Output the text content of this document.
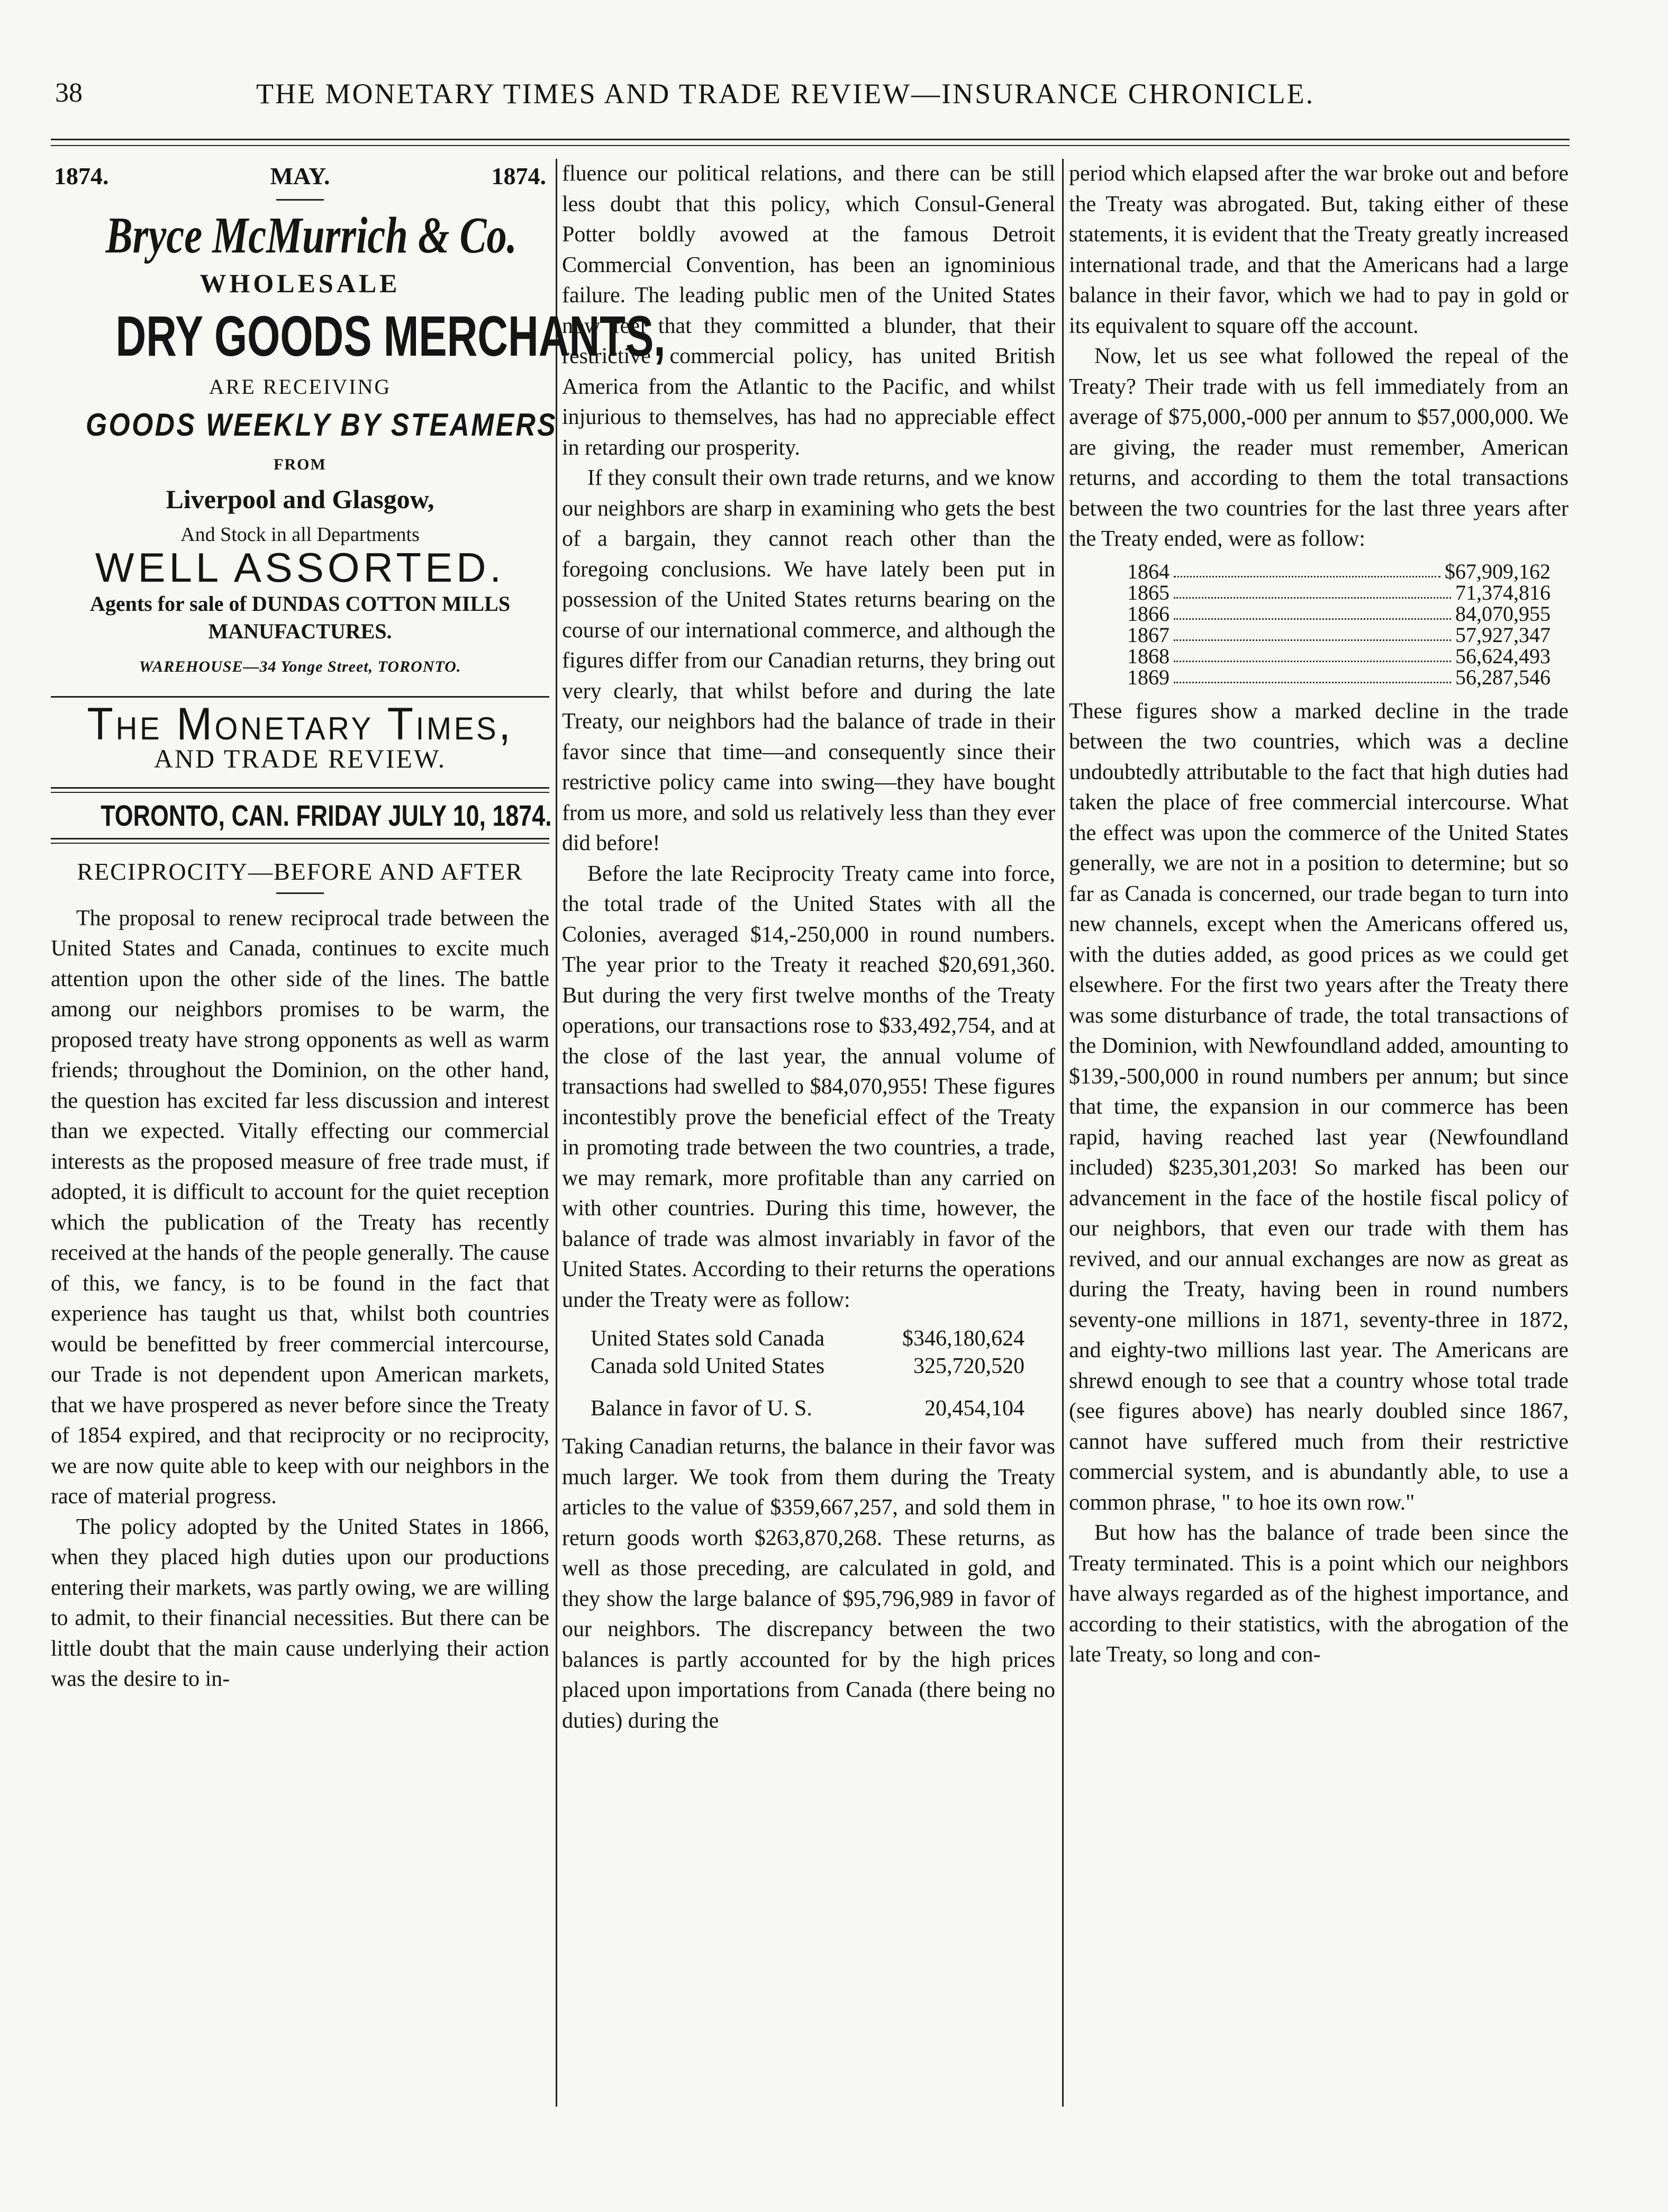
38	THE MONETARY TIMES AND TRADE REVIEW—INSURANCE CHRONICLE.
1874.	MAY.	1874.
Bryce McMurrich & Co.
WHOLESALE
DRY GOODS MERCHANTS,
ARE RECEIVING
GOODS WEEKLY BY STEAMERS
FROM
Liverpool and Glasgow,
And Stock in all Departments
WELL ASSORTED.
Agents for sale of DUNDAS COTTON MILLS MANUFACTURES.
WAREHOUSE—34 Yonge Street, TORONTO.
The Monetary Times,
AND TRADE REVIEW.
TORONTO, CAN. FRIDAY JULY 10, 1874.
RECIPROCITY—BEFORE AND AFTER

The proposal to renew reciprocal trade between the United States and Canada, continues to excite much attention upon the other side of the lines. The battle among our neighbors promises to be warm, the proposed treaty have strong opponents as well as warm friends; throughout the Dominion, on the other hand, the question has excited far less discussion and interest than we expected. Vitally effecting our commercial interests as the proposed measure of free trade must, if adopted, it is difficult to account for the quiet reception which the publication of the Treaty has recently received at the hands of the people generally. The cause of this, we fancy, is to be found in the fact that experience has taught us that, whilst both countries would be benefitted by freer commercial intercourse, our Trade is not dependent upon American markets, that we have prospered as never before since the Treaty of 1854 expired, and that reciprocity or no reciprocity, we are now quite able to keep with our neighbors in the race of material progress.

The policy adopted by the United States in 1866, when they placed high duties upon our productions entering their markets, was partly owing, we are willing to admit, to their financial necessities. But there can be little doubt that the main cause underlying their action was the desire to in-

fluence our political relations, and there can be still less doubt that this policy, which Consul-General Potter boldly avowed at the famous Detroit Commercial Convention, has been an ignominious failure. The leading public men of the United States now feel that they committed a blunder, that their restrictive commercial policy, has united British America from the Atlantic to the Pacific, and whilst injurious to themselves, has had no appreciable effect in retarding our prosperity.

If they consult their own trade returns, and we know our neighbors are sharp in examining who gets the best of a bargain, they cannot reach other than the foregoing conclusions. We have lately been put in possession of the United States returns bearing on the course of our international commerce, and although the figures differ from our Canadian returns, they bring out very clearly, that whilst before and during the late Treaty, our neighbors had the balance of trade in their favor since that time—and consequently since their restrictive policy came into swing—they have bought from us more, and sold us relatively less than they ever did before!

Before the late Reciprocity Treaty came into force, the total trade of the United States with all the Colonies, averaged $14,-250,000 in round numbers. The year prior to the Treaty it reached $20,691,360. But during the very first twelve months of the Treaty operations, our transactions rose to $33,492,754, and at the close of the last year, the annual volume of transactions had swelled to $84,070,955! These figures incontestibly prove the beneficial effect of the Treaty in promoting trade between the two countries, a trade, we may remark, more profitable than any carried on with other countries. During this time, however, the balance of trade was almost invariably in favor of the United States. According to their returns the operations under the Treaty were as follow:

United States sold Canada	$346,180,624
Canada sold United States	325,720,520
Balance in favor of U. S.	20,454,104

Taking Canadian returns, the balance in their favor was much larger. We took from them during the Treaty articles to the value of $359,667,257, and sold them in return goods worth $263,870,268. These returns, as well as those preceding, are calculated in gold, and they show the large balance of $95,796,989 in favor of our neighbors. The discrepancy between the two balances is partly accounted for by the high prices placed upon importations from Canada (there being no duties) during the

period which elapsed after the war broke out and before the Treaty was abrogated. But, taking either of these statements, it is evident that the Treaty greatly increased international trade, and that the Americans had a large balance in their favor, which we had to pay in gold or its equivalent to square off the account.

Now, let us see what followed the repeal of the Treaty? Their trade with us fell immediately from an average of $75,000,-000 per annum to $57,000,000. We are giving, the reader must remember, American returns, and according to them the total transactions between the two countries for the last three years after the Treaty ended, were as follow:

1864	$67,909,162
1865	71,374,816
1866	84,070,955
1867	57,927,347
1868	56,624,493
1869	56,287,546

These figures show a marked decline in the trade between the two countries, which was a decline undoubtedly attributable to the fact that high duties had taken the place of free commercial intercourse. What the effect was upon the commerce of the United States generally, we are not in a position to determine; but so far as Canada is concerned, our trade began to turn into new channels, except when the Americans offered us, with the duties added, as good prices as we could get elsewhere. For the first two years after the Treaty there was some disturbance of trade, the total transactions of the Dominion, with Newfoundland added, amounting to $139,-500,000 in round numbers per annum; but since that time, the expansion in our commerce has been rapid, having reached last year (Newfoundland included) $235,301,203! So marked has been our advancement in the face of the hostile fiscal policy of our neighbors, that even our trade with them has revived, and our annual exchanges are now as great as during the Treaty, having been in round numbers seventy-one millions in 1871, seventy-three in 1872, and eighty-two millions last year. The Americans are shrewd enough to see that a country whose total trade (see figures above) has nearly doubled since 1867, cannot have suffered much from their restrictive commercial system, and is abundantly able, to use a common phrase, " to hoe its own row."

But how has the balance of trade been since the Treaty terminated. This is a point which our neighbors have always regarded as of the highest importance, and according to their statistics, with the abrogation of the late Treaty, so long and con-
